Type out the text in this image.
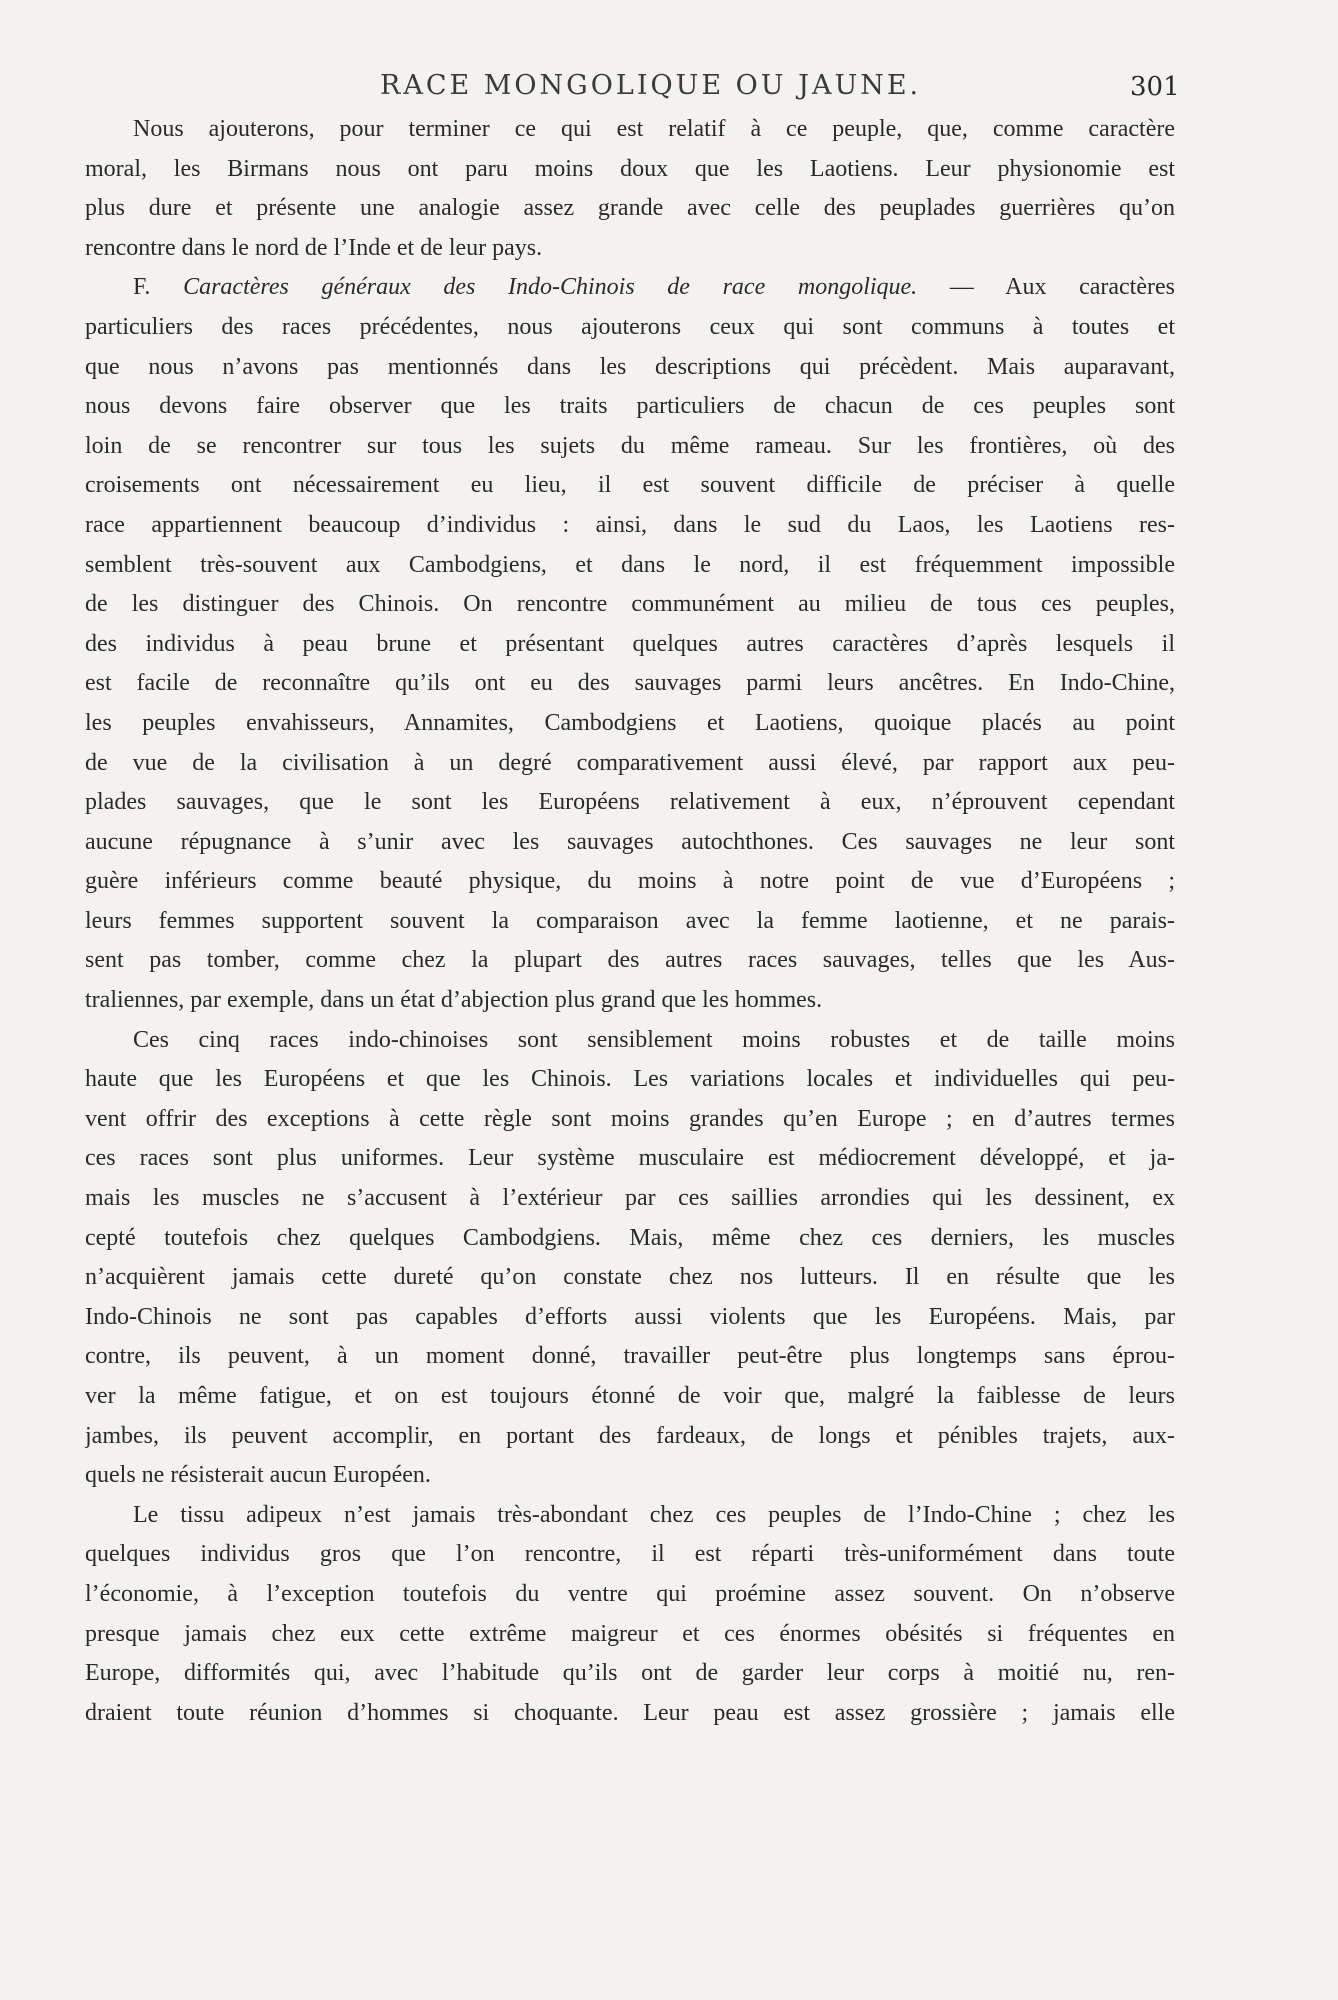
RACE MONGOLIQUE OU JAUNE.	301
Nous ajouterons, pour terminer ce qui est relatif à ce peuple, que, comme caractère
moral, les Birmans nous ont paru moins doux que les Laotiens. Leur physionomie est
plus dure et présente une analogie assez grande avec celle des peuplades guerrières qu’on
rencontre dans le nord de l’Inde et de leur pays.
F. Caractères généraux des Indo-Chinois de race mongolique. — Aux caractères
particuliers des races précédentes, nous ajouterons ceux qui sont communs à toutes et
que nous n’avons pas mentionnés dans les descriptions qui précèdent. Mais auparavant,
nous devons faire observer que les traits particuliers de chacun de ces peuples sont
loin de se rencontrer sur tous les sujets du même rameau. Sur les frontières, où des
croisements ont nécessairement eu lieu, il est souvent difficile de préciser à quelle
race appartiennent beaucoup d’individus : ainsi, dans le sud du Laos, les Laotiens res-
semblent très-souvent aux Cambodgiens, et dans le nord, il est fréquemment impossible
de les distinguer des Chinois. On rencontre communément au milieu de tous ces peuples,
des individus à peau brune et présentant quelques autres caractères d’après lesquels il
est facile de reconnaître qu’ils ont eu des sauvages parmi leurs ancêtres. En Indo-Chine,
les peuples envahisseurs, Annamites, Cambodgiens et Laotiens, quoique placés au point
de vue de la civilisation à un degré comparativement aussi élevé, par rapport aux peu-
plades sauvages, que le sont les Européens relativement à eux, n’éprouvent cependant
aucune répugnance à s’unir avec les sauvages autochthones. Ces sauvages ne leur sont
guère inférieurs comme beauté physique, du moins à notre point de vue d’Européens ;
leurs femmes supportent souvent la comparaison avec la femme laotienne, et ne parais-
sent pas tomber, comme chez la plupart des autres races sauvages, telles que les Aus-
traliennes, par exemple, dans un état d’abjection plus grand que les hommes.
Ces cinq races indo-chinoises sont sensiblement moins robustes et de taille moins
haute que les Européens et que les Chinois. Les variations locales et individuelles qui peu-
vent offrir des exceptions à cette règle sont moins grandes qu’en Europe ; en d’autres termes
ces races sont plus uniformes. Leur système musculaire est médiocrement développé, et ja-
mais les muscles ne s’accusent à l’extérieur par ces saillies arrondies qui les dessinent, ex
cepté toutefois chez quelques Cambodgiens. Mais, même chez ces derniers, les muscles
n’acquièrent jamais cette dureté qu’on constate chez nos lutteurs. Il en résulte que les
Indo-Chinois ne sont pas capables d’efforts aussi violents que les Européens. Mais, par
contre, ils peuvent, à un moment donné, travailler peut-être plus longtemps sans éprou-
ver la même fatigue, et on est toujours étonné de voir que, malgré la faiblesse de leurs
jambes, ils peuvent accomplir, en portant des fardeaux, de longs et pénibles trajets, aux-
quels ne résisterait aucun Européen.
Le tissu adipeux n’est jamais très-abondant chez ces peuples de l’Indo-Chine ; chez les
quelques individus gros que l’on rencontre, il est réparti très-uniformément dans toute
l’économie, à l’exception toutefois du ventre qui proémine assez souvent. On n’observe
presque jamais chez eux cette extrême maigreur et ces énormes obésités si fréquentes en
Europe, difformités qui, avec l’habitude qu’ils ont de garder leur corps à moitié nu, ren-
draient toute réunion d’hommes si choquante. Leur peau est assez grossière ; jamais elle
